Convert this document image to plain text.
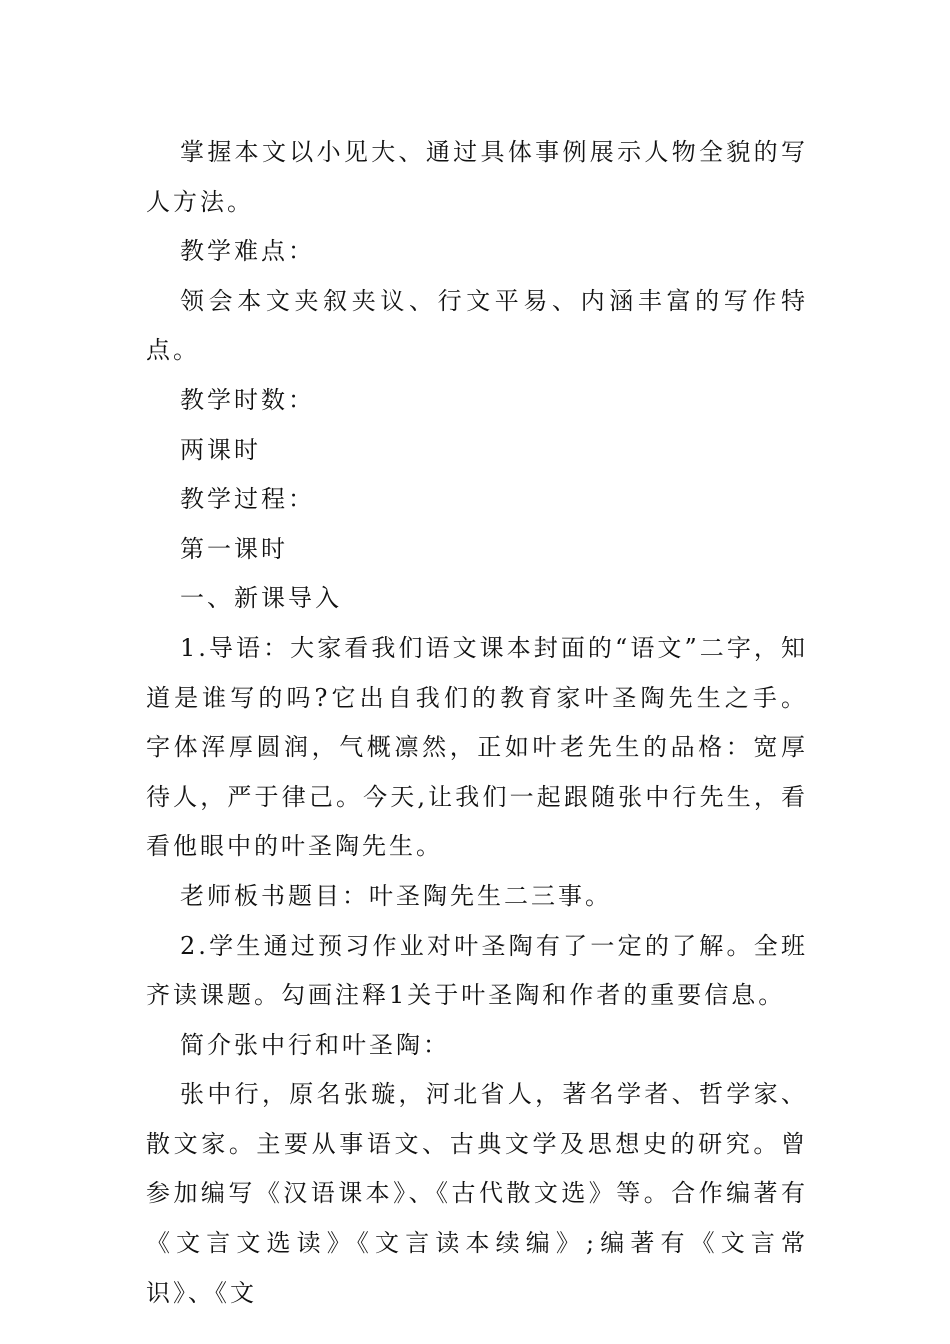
掌握本文以小见大、通过具体事例展示人物全貌的写人方法。

教学难点：

领会本文夹叙夹议、行文平易、内涵丰富的写作特点。

教学时数：

两课时

教学过程：

第一课时

一、新课导入

1.导语：大家看我们语文课本封面的“语文”二字，知道是谁写的吗?它出自我们的教育家叶圣陶先生之手。字体浑厚圆润，气概凛然，正如叶老先生的品格：宽厚待人，严于律己。今天,让我们一起跟随张中行先生，看看他眼中的叶圣陶先生。

老师板书题目：叶圣陶先生二三事。

2.学生通过预习作业对叶圣陶有了一定的了解。全班齐读课题。勾画注释1关于叶圣陶和作者的重要信息。

简介张中行和叶圣陶：

张中行，原名张璇，河北省人，著名学者、哲学家、散文家。主要从事语文、古典文学及思想史的研究。曾参加编写《汉语课本》、《古代散文选》等。合作编著有《文言文选读》《文言读本续编》;编著有《文言常识》、《文
